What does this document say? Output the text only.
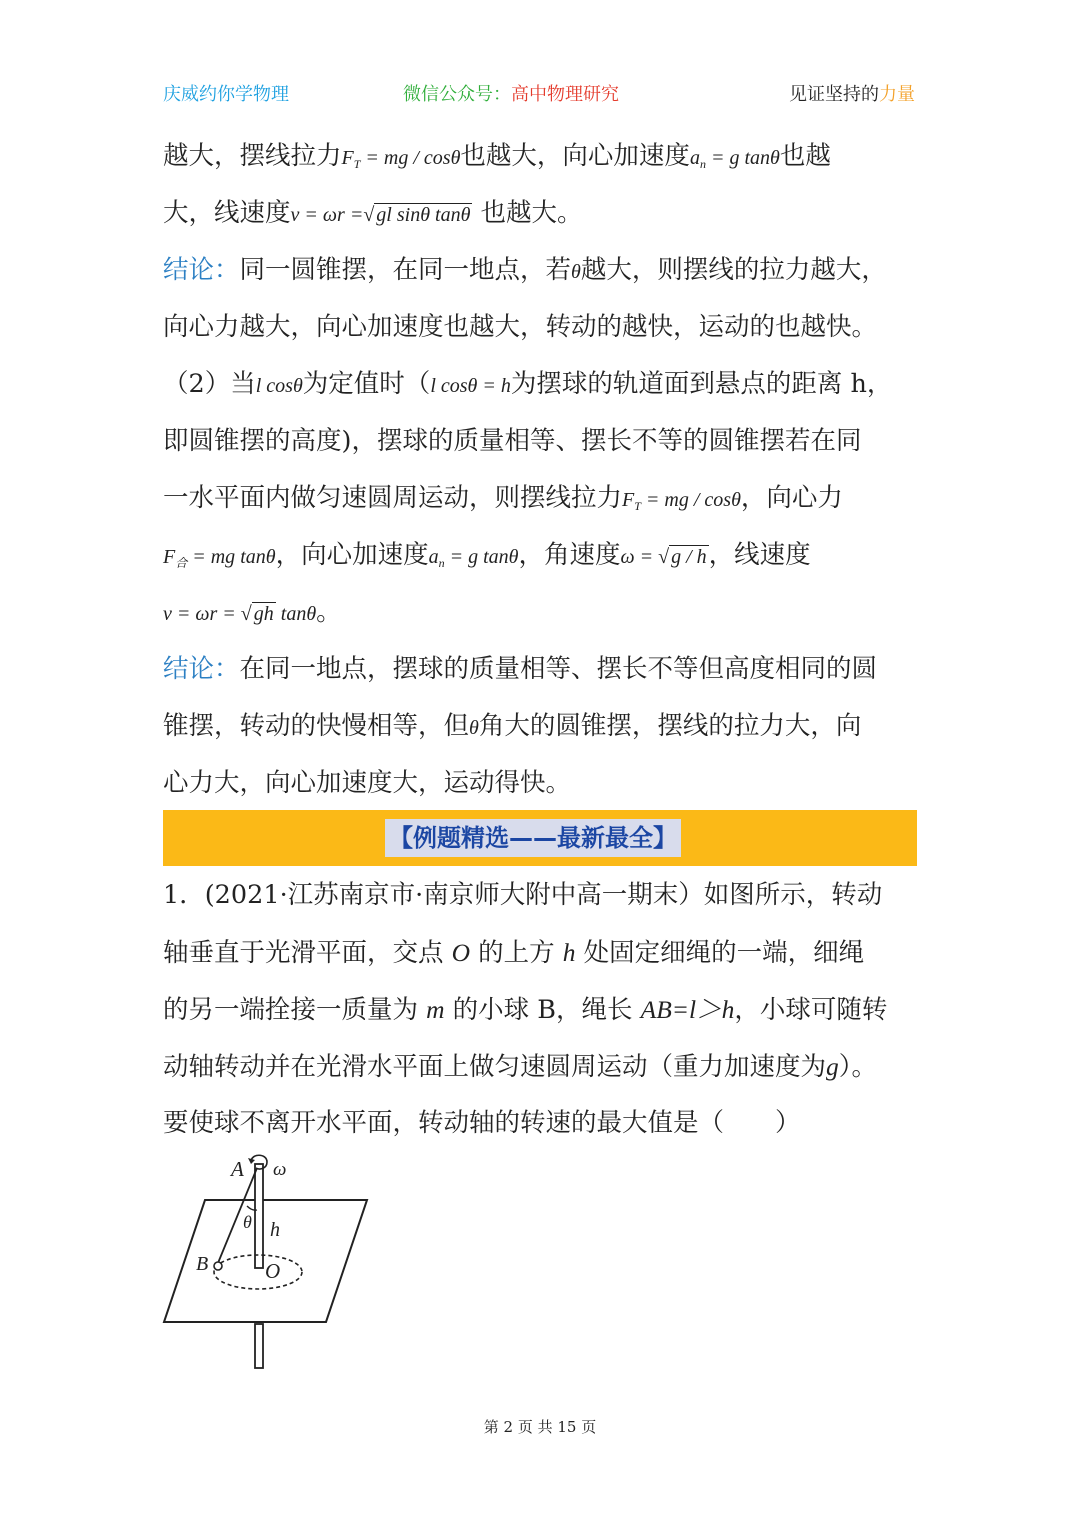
庆威约你学物理	微信公众号：高中物理研究	见证坚持的力量
越大，摆线拉力$F_T$ = mg / cosθ也越大，向心加速度$a_n = g$ tanθ也越
大，线速度v = ωr =√ gl sinθ tanθ 也越大。
结论：同一圆锥摆，在同一地点，若θ越大，则摆线的拉力越大，
向心力越大，向心加速度也越大，转动的越快，运动的也越快。
（2）当l cosθ为定值时（l cosθ = h为摆球的轨道面到悬点的距离 h，
即圆锥摆的高度)，摆球的质量相等、摆长不等的圆锥摆若在同
一水平面内做匀速圆周运动，则摆线拉力$F_T$ = mg / cosθ，向心力
$F_合$ = mg tanθ，向心加速度$a_n = g$ tanθ，角速度ω = √ g / h，线速度
v = ωr = √ gh tanθ。
结论：在同一地点，摆球的质量相等、摆长不等但高度相同的圆
锥摆，转动的快慢相等，但θ角大的圆锥摆，摆线的拉力大，向
心力大，向心加速度大，运动得快。
【例题精选——最新最全】
1．(2021·江苏南京市·南京师大附中高一期末）如图所示，转动
轴垂直于光滑平面，交点 O 的上方 h 处固定细绳的一端，细绳
的另一端拴接一质量为 m 的小球 B，绳长 AB=l＞h，小球可随转
动轴转动并在光滑水平面上做匀速圆周运动（重力加速度为g）。
要使球不离开水平面，转动轴的转速的最大值是（　　）
A ω
θ h
B	O
第 2 页 共 15 页
